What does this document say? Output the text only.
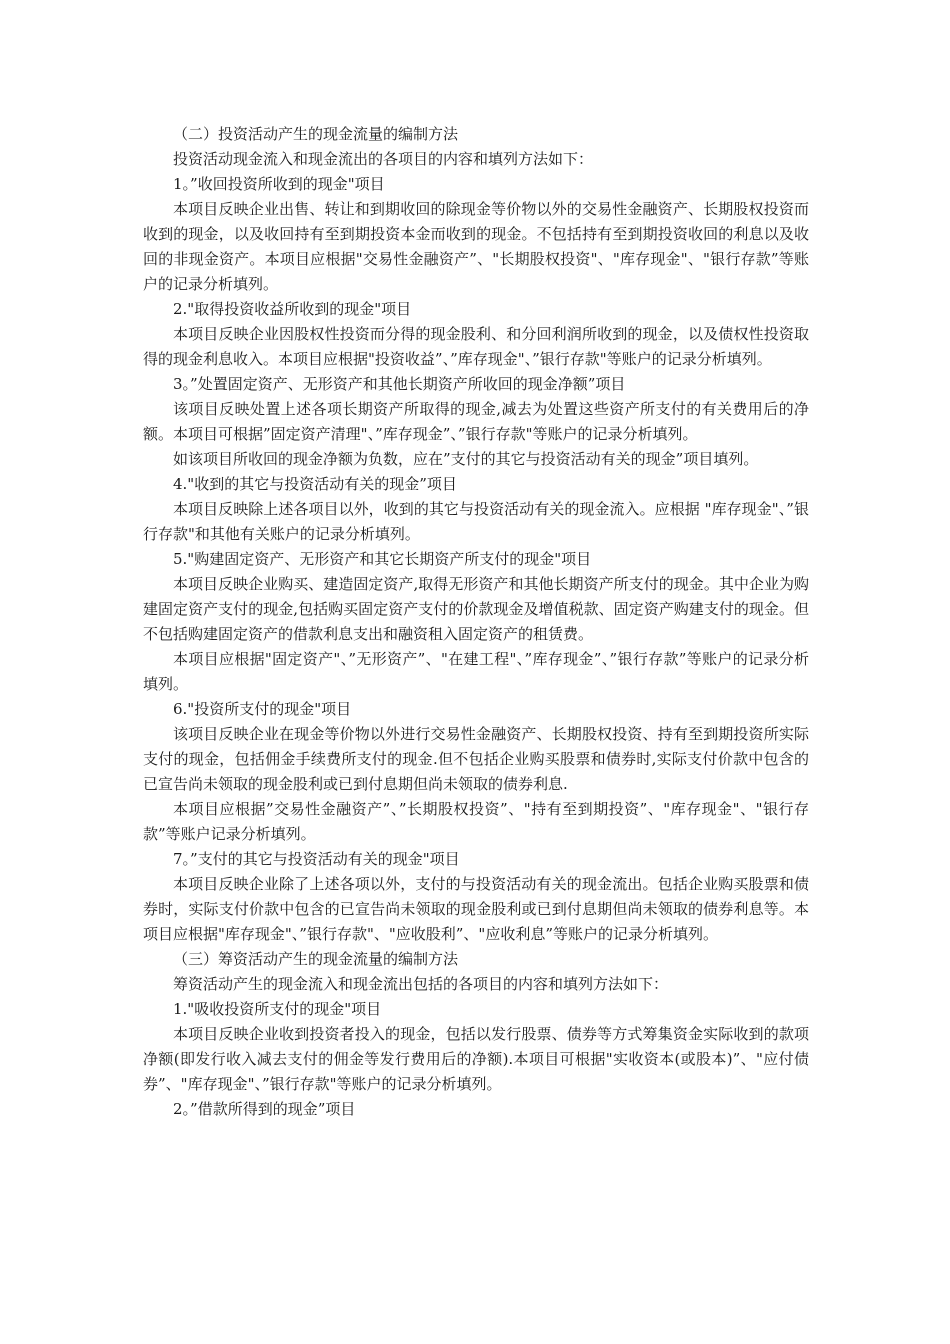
（二）投资活动产生的现金流量的编制方法

投资活动现金流入和现金流出的各项目的内容和填列方法如下：

1。”收回投资所收到的现金"项目

本项目反映企业出售、转让和到期收回的除现金等价物以外的交易性金融资产、长期股权投资而收到的现金，以及收回持有至到期投资本金而收到的现金。不包括持有至到期投资收回的利息以及收回的非现金资产。本项目应根据"交易性金融资产”、"长期股权投资"、"库存现金"、"银行存款”等账户的记录分析填列。

2."取得投资收益所收到的现金"项目

本项目反映企业因股权性投资而分得的现金股利、和分回利润所收到的现金，以及债权性投资取得的现金利息收入。本项目应根据"投资收益”、”库存现金"、”银行存款"等账户的记录分析填列。

3。”处置固定资产、无形资产和其他长期资产所收回的现金净额”项目

该项目反映处置上述各项长期资产所取得的现金,减去为处置这些资产所支付的有关费用后的净额。本项目可根据”固定资产清理"、”库存现金”、”银行存款"等账户的记录分析填列。

如该项目所收回的现金净额为负数，应在”支付的其它与投资活动有关的现金”项目填列。

4."收到的其它与投资活动有关的现金”项目

本项目反映除上述各项目以外，收到的其它与投资活动有关的现金流入。应根据 "库存现金"、”银行存款"和其他有关账户的记录分析填列。

5."购建固定资产、无形资产和其它长期资产所支付的现金"项目

本项目反映企业购买、建造固定资产,取得无形资产和其他长期资产所支付的现金。其中企业为购建固定资产支付的现金,包括购买固定资产支付的价款现金及增值税款、固定资产购建支付的现金。但不包括购建固定资产的借款利息支出和融资租入固定资产的租赁费。

本项目应根据"固定资产"、”无形资产”、"在建工程"、”库存现金”、”银行存款”等账户的记录分析填列。

6."投资所支付的现金"项目

该项目反映企业在现金等价物以外进行交易性金融资产、长期股权投资、持有至到期投资所实际支付的现金，包括佣金手续费所支付的现金.但不包括企业购买股票和债券时,实际支付价款中包含的已宣告尚未领取的现金股利或已到付息期但尚未领取的债券利息.

本项目应根据”交易性金融资产”、”长期股权投资”、"持有至到期投资”、"库存现金"、"银行存款”等账户记录分析填列。

7。”支付的其它与投资活动有关的现金"项目

本项目反映企业除了上述各项以外，支付的与投资活动有关的现金流出。包括企业购买股票和债券时，实际支付价款中包含的已宣告尚未领取的现金股利或已到付息期但尚未领取的债券利息等。本项目应根据"库存现金"、”银行存款"、"应收股利”、"应收利息”等账户的记录分析填列。

（三）筹资活动产生的现金流量的编制方法

筹资活动产生的现金流入和现金流出包括的各项目的内容和填列方法如下：

1."吸收投资所支付的现金"项目

本项目反映企业收到投资者投入的现金，包括以发行股票、债券等方式筹集资金实际收到的款项净额(即发行收入减去支付的佣金等发行费用后的净额).本项目可根据"实收资本(或股本)”、"应付债券”、"库存现金"、”银行存款"等账户的记录分析填列。

2。”借款所得到的现金”项目
